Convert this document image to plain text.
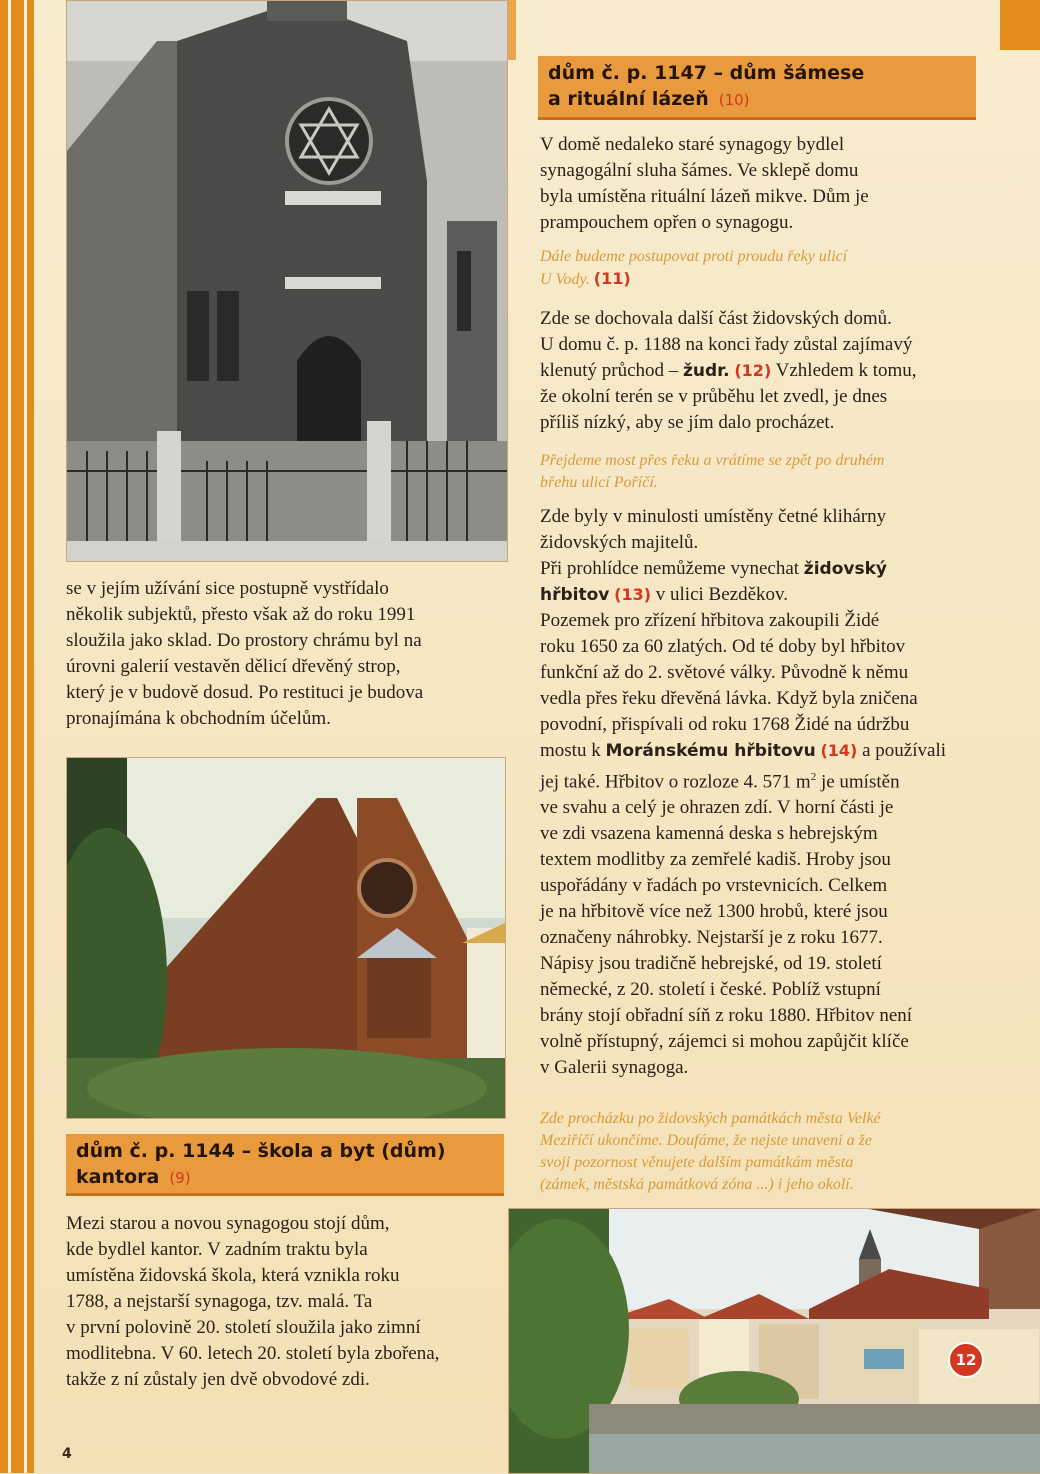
se v jejím užívání sice postupně vystřídalo

několik subjektů, přesto však až do roku 1991

sloužila jako sklad. Do prostory chrámu byl na

úrovni galerií vestavěn dělicí dřevěný strop,

který je v budově dosud. Po restituci je budova

pronajímána k obchodním účelům.

dům č. p. 1144 – škola a byt (dům)
kantora (9)

Mezi starou a novou synagogou stojí dům,

kde bydlel kantor. V zadním traktu byla

umístěna židovská škola, která vznikla roku

1788, a nejstarší synagoga, tzv. malá. Ta

v první polovině 20. století sloužila jako zimní

modlitebna. V 60. letech 20. století byla zbořena,

takže z ní zůstaly jen dvě obvodové zdi.

dům č. p. 1147 – dům šámese
a rituální lázeň (10)

V domě nedaleko staré synagogy bydlel

synagogální sluha šámes. Ve sklepě domu

byla umístěna rituální lázeň mikve. Dům je

prampouchem opřen o synagogu.

Dále budeme postupovat proti proudu řeky ulicí

U Vody. (11)

Zde se dochovala další část židovských domů.

U domu č. p. 1188 na konci řady zůstal zajímavý

klenutý průchod – žudr. (12) Vzhledem k tomu,

že okolní terén se v průběhu let zvedl, je dnes

příliš nízký, aby se jím dalo procházet.

Přejdeme most přes řeku a vrátíme se zpět po druhém

břehu ulicí Poříčí.

Zde byly v minulosti umístěny četné klihárny

židovských majitelů.

Při prohlídce nemůžeme vynechat židovský

hřbitov (13) v ulici Bezděkov.

Pozemek pro zřízení hřbitova zakoupili Židé

roku 1650 za 60 zlatých. Od té doby byl hřbitov

funkční až do 2. světové války. Původně k němu

vedla přes řeku dřevěná lávka. Když byla zničena

povodní, přispívali od roku 1768 Židé na údržbu

mostu k Moránskému hřbitovu (14) a používali

jej také. Hřbitov o rozloze 4. 571 $m^2$ je umístěn

ve svahu a celý je ohrazen zdí. V horní části je

ve zdi vsazena kamenná deska s hebrejským

textem modlitby za zemřelé kadiš. Hroby jsou

uspořádány v řadách po vrstevnicích. Celkem

je na hřbitově více než 1300 hrobů, které jsou

označeny náhrobky. Nejstarší je z roku 1677.

Nápisy jsou tradičně hebrejské, od 19. století

německé, z 20. století i české. Poblíž vstupní

brány stojí obřadní síň z roku 1880. Hřbitov není

volně přístupný, zájemci si mohou zapůjčit klíče

v Galerii synagoga.

Zde procházku po židovských památkách města Velké

Meziříčí ukončíme. Doufáme, že nejste unaveni a že

svoji pozornost věnujete dalším památkám města

(zámek, městská památková zóna ...) i jeho okolí.

12
4
